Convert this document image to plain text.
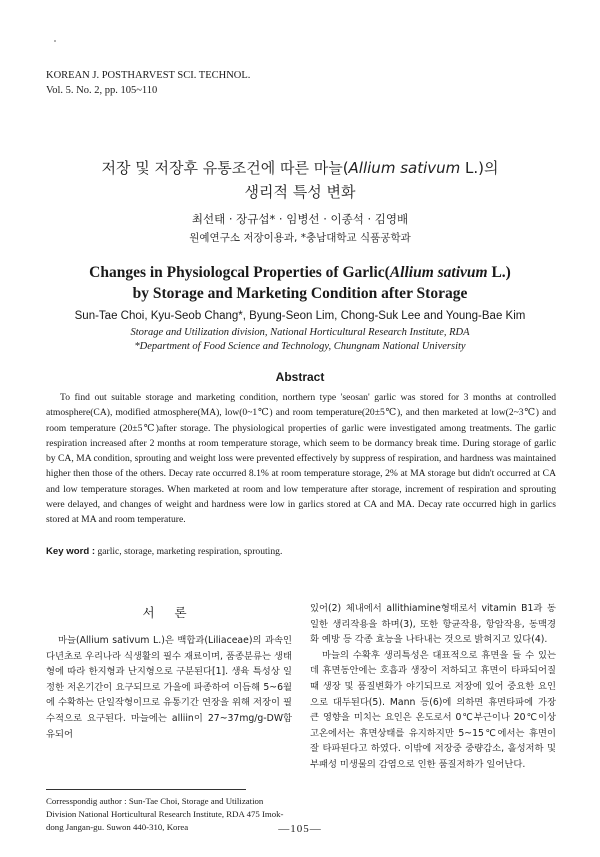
KOREAN J. POSTHARVEST SCI. TECHNOL.
Vol. 5. No. 2, pp. 105~110
저장 및 저장후 유통조건에 따른 마늘(Allium sativum L.)의
생리적 특성 변화
최선태 · 장규섭* · 임병선 · 이종석 · 김영배
원예연구소 저장이용과, *충남대학교 식품공학과
Changes in Physiologcal Properties of Garlic(Allium sativum L.)
by Storage and Marketing Condition after Storage
Sun-Tae Choi, Kyu-Seob Chang*, Byung-Seon Lim, Chong-Suk Lee and Young-Bae Kim
Storage and Utilization division, National Horticultural Research Institute, RDA
*Department of Food Science and Technology, Chungnam National University
Abstract
To find out suitable storage and marketing condition, northern type 'seosan' garlic was stored for 3 months at controlled atmosphere(CA), modified atmosphere(MA), low(0~1℃) and room temperature(20±5℃), and then marketed at low(2~3℃) and room temperature (20±5℃)after storage. The physiological properties of garlic were investigated among treatments. The garlic respiration increased after 2 months at room temperature storage, which seem to be dormancy break time. During storage of garlic by CA, MA condition, sprouting and weight loss were prevented effectively by suppress of respiration, and hardness was maintained higher then those of the others. Decay rate occurred 8.1% at room temperature storage, 2% at MA storage but didn't occurred at CA and low temperature storages. When marketed at room and low temperature after storage, increment of respiration and sprouting were delayed, and changes of weight and hardness were low in garlics stored at CA and MA. Decay rate occurred high in garlics stored at MA and room temperature.
Key word : garlic, storage, marketing respiration, sprouting.
서 론

마늘(Allium sativum L.)은 백합과(Liliaceae)의 과속인 다년초로 우리나라 식생활의 필수 재료이며, 품종분류는 생태형에 따라 한지형과 난지형으로 구분된다[1]. 생육 특성상 일정한 저온기간이 요구되므로 가을에 파종하여 이듬해 5~6월에 수확하는 단일작형이므로 유통기간 연장을 위해 저장이 필수적으로 요구된다. 마늘에는 alliin이 27~37mg/g-DW함유되어

있어(2) 체내에서 allithiamine형태로서 vitamin B1과 동일한 생리작용을 하며(3), 또한 항균작용, 항암작용, 동맥경화 예방 등 각종 효능을 나타내는 것으로 밝혀지고 있다(4).

마늘의 수확후 생리특성은 대표적으로 휴면을 들 수 있는데 휴면동안에는 호흡과 생장이 저하되고 휴면이 타파되어질 때 생장 및 품질변화가 야기되므로 저장에 있어 중요한 요인으로 대두된다(5). Mann 등(6)에 의하면 휴면타파에 가장 큰 영향을 미치는 요인은 온도로서 0℃부근이나 20℃이상 고온에서는 휴면상태를 유지하지만 5~15℃에서는 휴면이 잘 타파된다고 하였다. 이밖에 저장중 중량감소, 흘성저하 및 부패성 미생물의 감염으로 인한 품질저하가 일어난다.

Corresspondig author : Sun-Tae Choi, Storage and Utilization Division National Horticultural Research Institute, RDA 475 Imok-dong Jangan-gu. Suwon 440-310, Korea	—105—
